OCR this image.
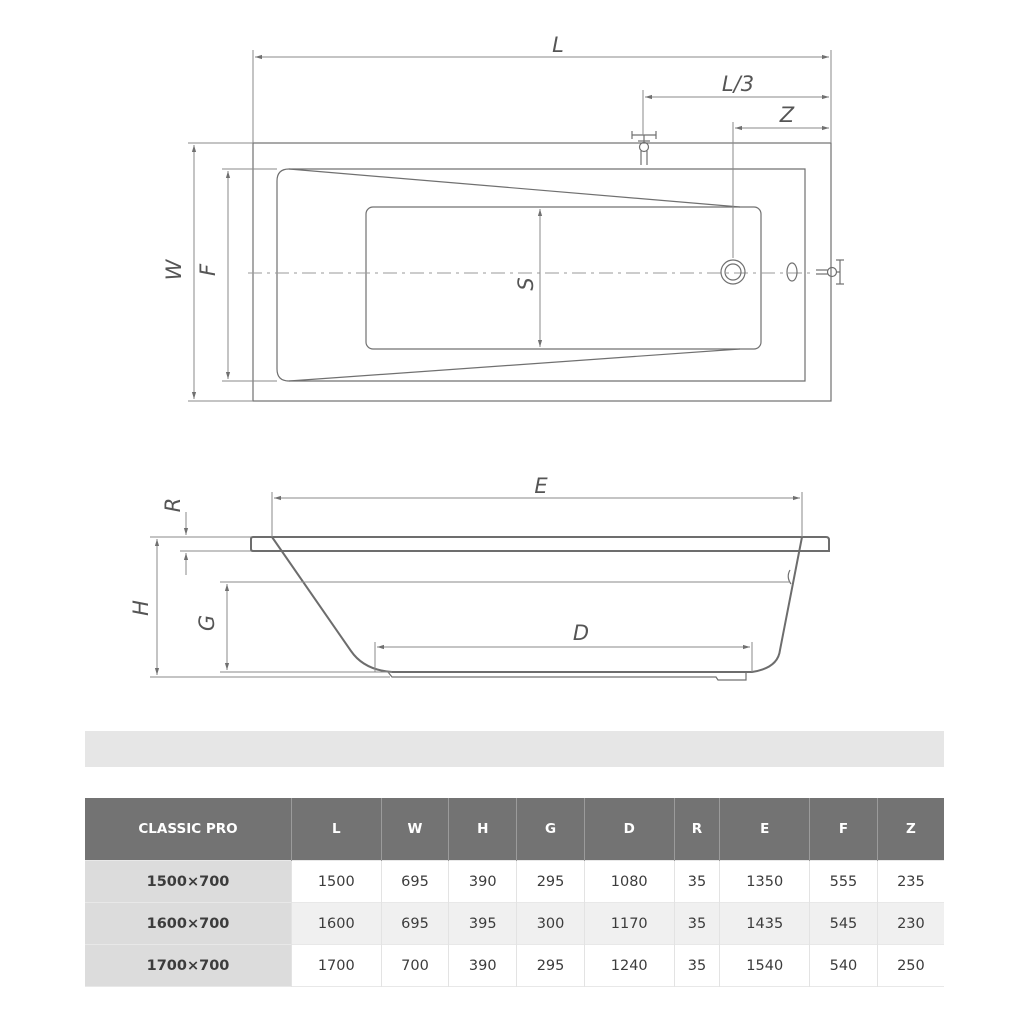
L
L/3
Z
W F
S
E
R
H
G	D
CLASSIC PRO	L	W	H	G	D	R	E	F	Z
1500×700	1500	695	390	295	1080	35	1350	555	235
1600×700	1600	695	395	300	1170	35	1435	545	230
1700×700	1700	700	390	295	1240	35	1540	540	250
